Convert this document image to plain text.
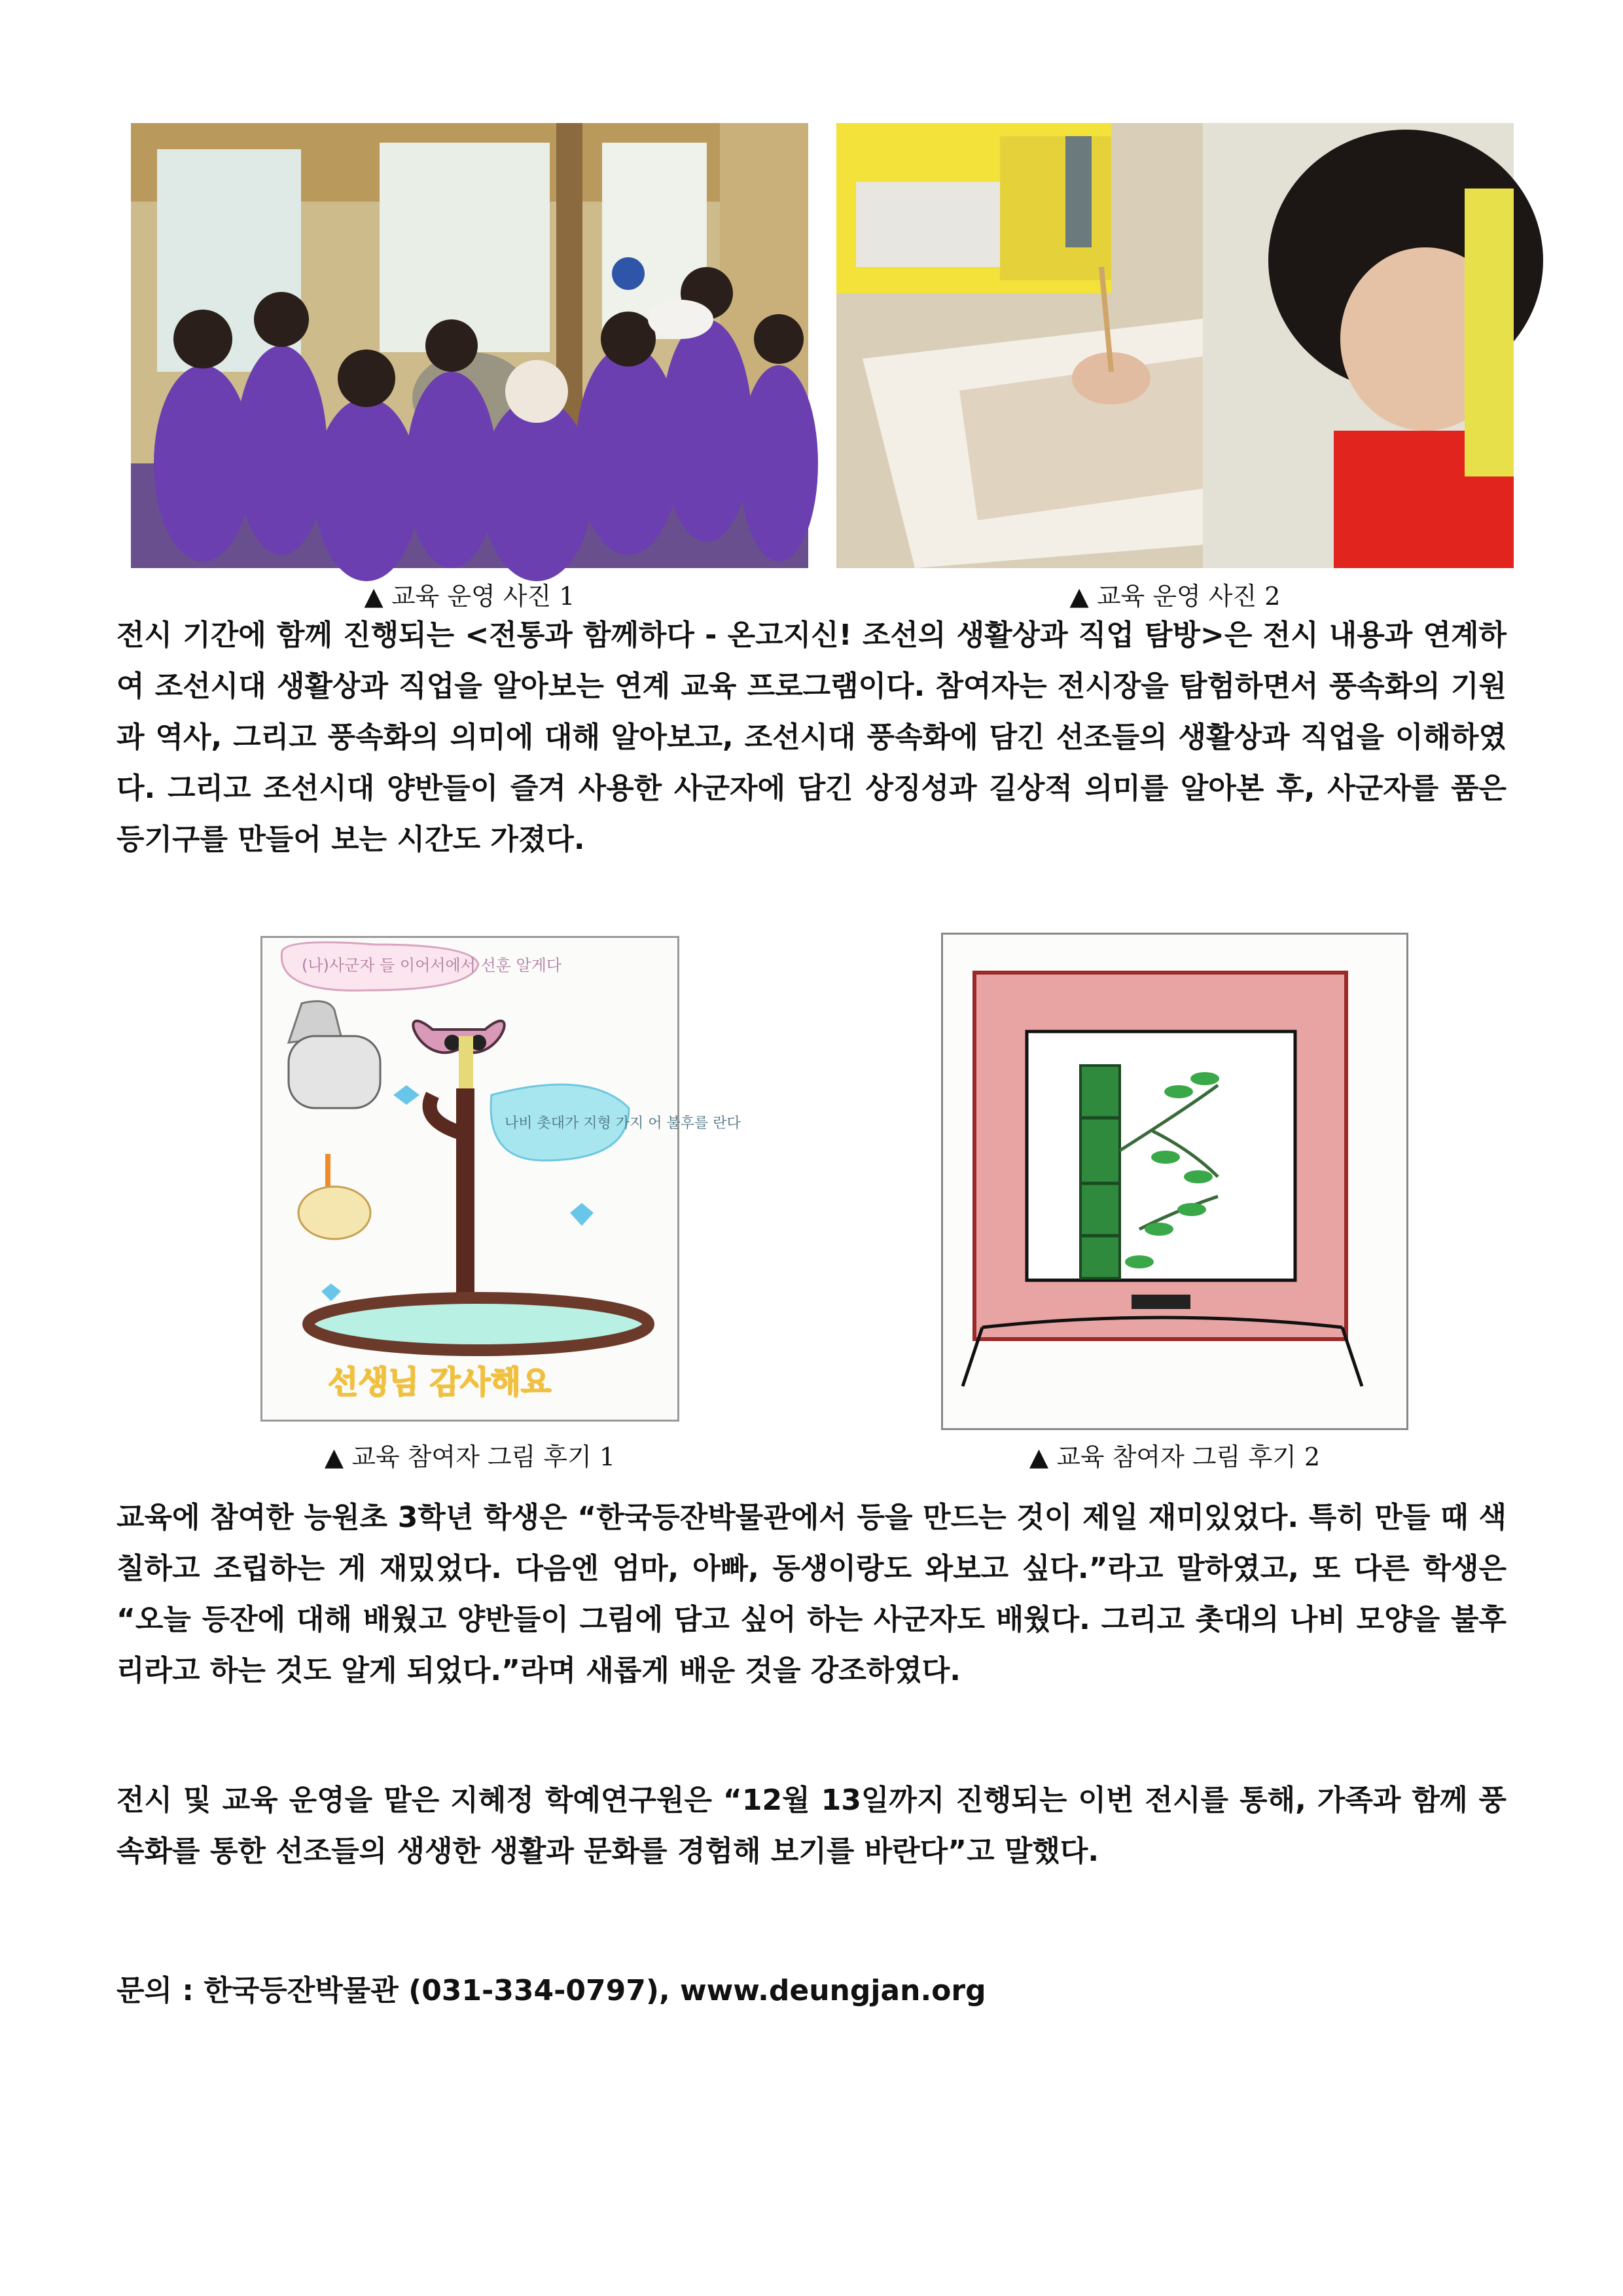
▲ 교육 운영 사진 1	▲ 교육 운영 사진 2

전시 기간에 함께 진행되는 <전통과 함께하다 - 온고지신! 조선의 생활상과 직업 탐방>은 전시 내용과 연계하여 조선시대 생활상과 직업을 알아보는 연계 교육 프로그램이다. 참여자는 전시장을 탐험하면서 풍속화의 기원과 역사, 그리고 풍속화의 의미에 대해 알아보고, 조선시대 풍속화에 담긴 선조들의 생활상과 직업을 이해하였다. 그리고 조선시대 양반들이 즐겨 사용한 사군자에 담긴 상징성과 길상적 의미를 알아본 후, 사군자를 품은 등기구를 만들어 보는 시간도 가졌다.

(나)사군자 들 이어서에서 선훈 알게다
나비 촛대가 지형 가지 어 불후를 란다
선생님 감사해요
▲ 교육 참여자 그림 후기 1	▲ 교육 참여자 그림 후기 2

교육에 참여한 능원초 3학년 학생은 “한국등잔박물관에서 등을 만드는 것이 제일 재미있었다. 특히 만들 때 색칠하고 조립하는 게 재밌었다. 다음엔 엄마, 아빠, 동생이랑도 와보고 싶다.”라고 말하였고, 또 다른 학생은 “오늘 등잔에 대해 배웠고 양반들이 그림에 담고 싶어 하는 사군자도 배웠다. 그리고 촛대의 나비 모양을 불후리라고 하는 것도 알게 되었다.”라며 새롭게 배운 것을 강조하였다.

전시 및 교육 운영을 맡은 지혜정 학예연구원은 “12월 13일까지 진행되는 이번 전시를 통해, 가족과 함께 풍속화를 통한 선조들의 생생한 생활과 문화를 경험해 보기를 바란다”고 말했다.

문의 : 한국등잔박물관 (031-334-0797), www.deungjan.org
